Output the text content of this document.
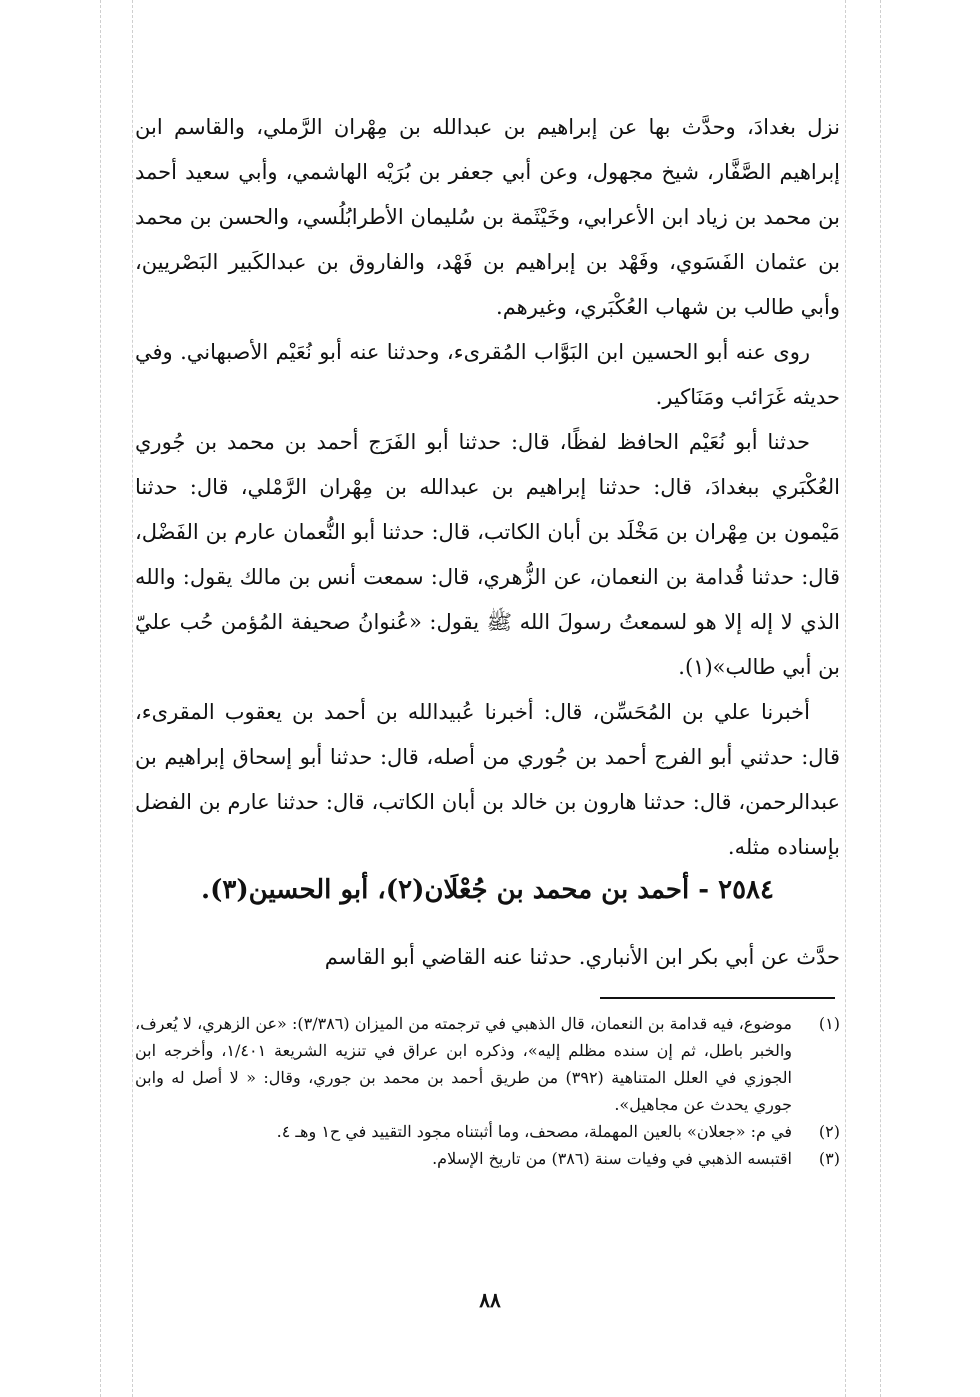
نزل بغدادَ، وحدَّث بها عن إبراهيم بن عبدالله بن مِهْران الرَّملي، والقاسم ابن إبراهيم الصَّفَّار، شيخ مجهول، وعن أبي جعفر بن بُرَيْه الهاشمي، وأبي سعيد أحمد بن محمد بن زياد ابن الأعرابي، وخَيْثَمة بن سُليمان الأطرابُلُسي، والحسن بن محمد بن عثمان الفَسَوي، وفَهْد بن إبراهيم بن فَهْد، والفاروق بن عبدالكَبير البَصْريين، وأبي طالب بن شهاب العُكْبَري، وغيرهم.

روى عنه أبو الحسين ابن البَوَّاب المُقرىء، وحدثنا عنه أبو نُعَيْم الأصبهاني. وفي حديثه غَرَائب ومَنَاكير.

حدثنا أبو نُعَيْم الحافظ لفظًا، قال: حدثنا أبو الفَرَج أحمد بن محمد بن جُوري العُكْبَري ببغدادَ، قال: حدثنا إبراهيم بن عبدالله بن مِهْران الرَّمْلي، قال: حدثنا مَيْمون بن مِهْران بن مَخْلَد بن أبان الكاتب، قال: حدثنا أبو النُّعمان عارم بن الفَضْل، قال: حدثنا قُدامة بن النعمان، عن الزُّهري، قال: سمعت أنس بن مالك يقول: والله الذي لا إله إلا هو لسمعتُ رسولَ الله ﷺ يقول: «عُنوانُ صحيفة المُؤمن حُب عليّ بن أبي طالب»(١).

أخبرنا علي بن المُحَسِّن، قال: أخبرنا عُبيدالله بن أحمد بن يعقوب المقرىء، قال: حدثني أبو الفرج أحمد بن جُوري من أصله، قال: حدثنا أبو إسحاق إبراهيم بن عبدالرحمن، قال: حدثنا هارون بن خالد بن أبان الكاتب، قال: حدثنا عارم بن الفضل بإسناده مثله.

٢٥٨٤ - أحمد بن محمد بن جُعْلَان(٢)، أبو الحسين(٣).
حدَّث عن أبي بكر ابن الأنباري. حدثنا عنه القاضي أبو القاسم
(١)
موضوع، فيه قدامة بن النعمان، قال الذهبي في ترجمته من الميزان (٣/٣٨٦): «عن الزهري، لا يُعرف، والخبر باطل، ثم إن سنده مظلم إليه»، وذكره ابن عراق في تنزيه الشريعة ١/٤٠١، وأخرجه ابن الجوزي في العلل المتناهية (٣٩٢) من طريق أحمد بن محمد بن جوري، وقال: « لا أصل له وابن جوري يحدث عن مجاهيل».
(٢)
في م: «جعلان» بالعين المهملة، مصحف، وما أثبتناه مجود التقييد في ح١ وهـ ٤.
(٣)
اقتبسه الذهبي في وفيات سنة (٣٨٦) من تاريخ الإسلام.
٨٨
